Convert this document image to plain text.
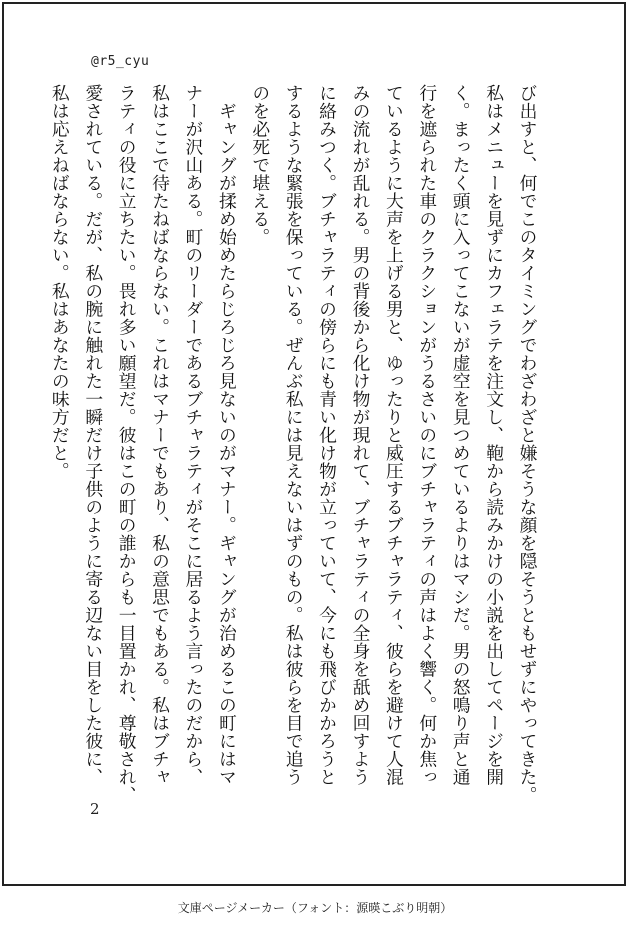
@r5_cyu

び出すと、何でこのタイミングでわざわざと嫌そうな顔を隠そうともせずにやってきた。

私はメニューを見ずにカフェラテを注文し、鞄から読みかけの小説を出してページを開

く。まったく頭に入ってこないが虚空を見つめているよりはマシだ。男の怒鳴り声と通

行を遮られた車のクラクションがうるさいのにブチャラティの声はよく響く。何か焦っ

ているように大声を上げる男と、ゆったりと威圧するブチャラティ、彼らを避けて人混

みの流れが乱れる。男の背後から化け物が現れて、ブチャラティの全身を舐め回すよう

に絡みつく。ブチャラティの傍らにも青い化け物が立っていて、今にも飛びかかろうと

するような緊張を保っている。ぜんぶ私には見えないはずのもの。私は彼らを目で追う

のを必死で堪える。

　ギャングが揉め始めたらじろじろ見ないのがマナー。ギャングが治めるこの町にはマ

ナーが沢山ある。町のリーダーであるブチャラティがそこに居るよう言ったのだから、

私はここで待たねばならない。これはマナーでもあり、私の意思でもある。私はブチャ

ラティの役に立ちたい。畏れ多い願望だ。彼はこの町の誰からも一目置かれ、尊敬され、

愛されている。だが、私の腕に触れた一瞬だけ子供のように寄る辺ない目をした彼に、

私は応えねばならない。私はあなたの味方だと。

2
文庫ページメーカー（フォント：源暎こぶり明朝）
